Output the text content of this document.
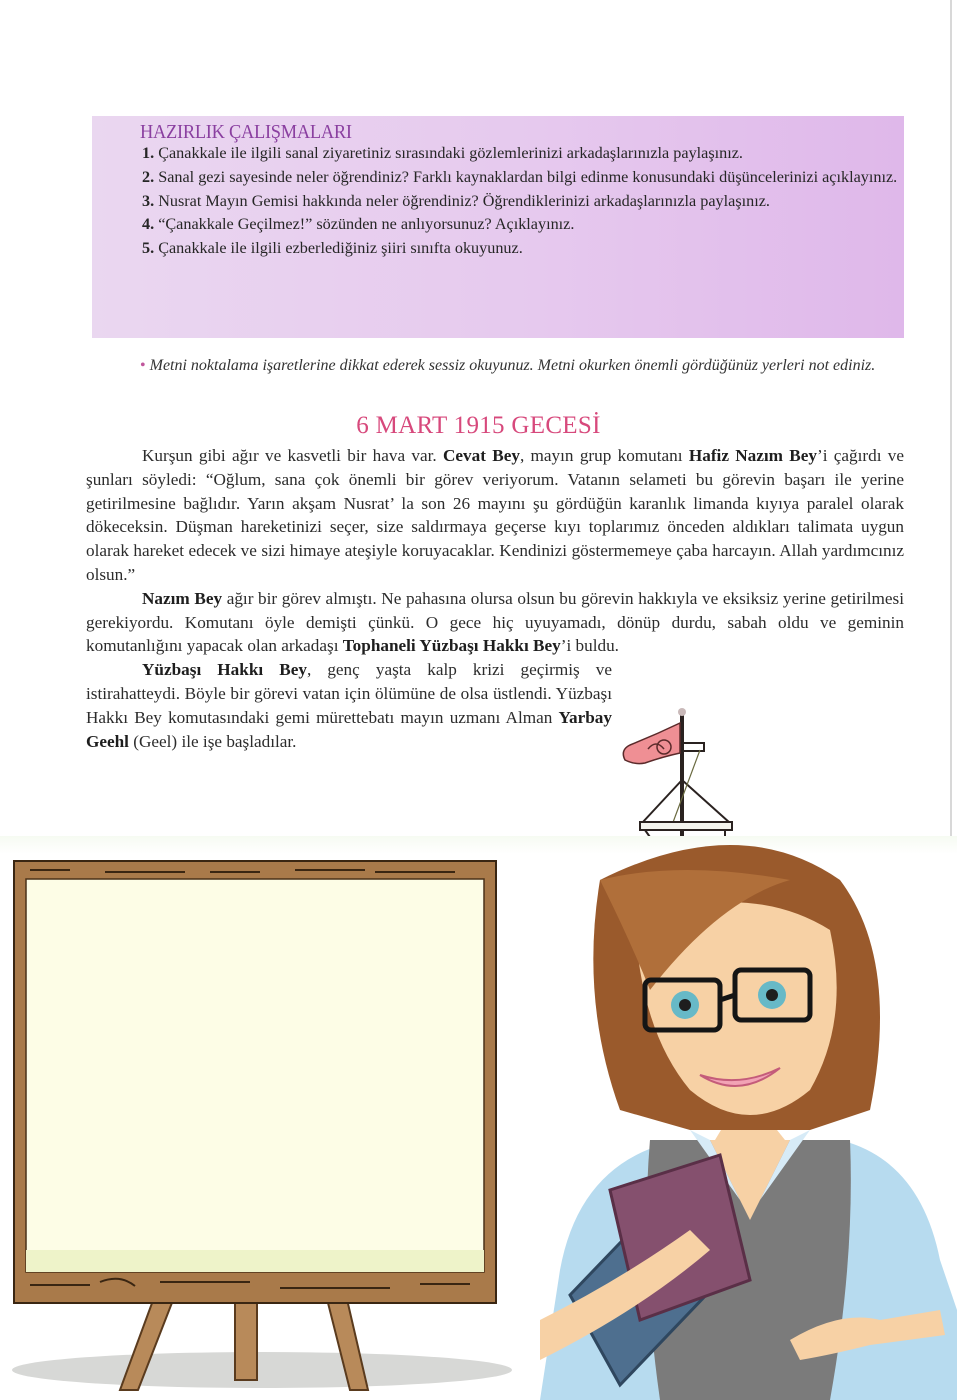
HAZIRLIK ÇALIŞMALARI

1. Çanakkale ile ilgili sanal ziyaretiniz sırasındaki gözlemlerinizi arkadaşlarınızla paylaşınız.

2. Sanal gezi sayesinde neler öğrendiniz? Farklı kaynaklardan bilgi edinme konusundaki düşüncelerinizi açıklayınız.

3. Nusrat Mayın Gemisi hakkında neler öğrendiniz? Öğrendiklerinizi arkadaşlarınızla paylaşınız.

4. “Çanakkale Geçilmez!” sözünden ne anlıyorsunuz? Açıklayınız.

5. Çanakkale ile ilgili ezberlediğiniz şiiri sınıfta okuyunuz.

• Metni noktalama işaretlerine dikkat ederek sessiz okuyunuz. Metni okurken önemli gördüğünüz yerleri not ediniz.
6 MART 1915 GECESİ

Kurşun gibi ağır ve kasvetli bir hava var. Cevat Bey, mayın grup komutanı Hafiz Nazım Bey’i çağırdı ve şunları söyledi: “Oğlum, sana çok önemli bir görev veriyorum. Vatanın selameti bu görevin başarı ile yerine getirilmesine bağlıdır. Yarın akşam Nusrat’ la son 26 mayını şu gördüğün karanlık limanda kıyıya paralel olarak dökeceksin. Düşman hareketinizi seçer, size saldırmaya geçerse kıyı toplarımız önceden aldıkları talimata uygun olarak hareket edecek ve sizi himaye ateşiyle koruyacaklar. Kendinizi göstermemeye çaba harcayın. Allah yardımcınız olsun.”

Nazım Bey ağır bir görev almıştı. Ne pahasına olursa olsun bu görevin hakkıyla ve eksiksiz yerine getirilmesi gerekiyordu. Komutanı öyle demişti çünkü. O gece hiç uyuyamadı, dönüp durdu, sabah oldu ve geminin komutanlığını yapacak olan arkadaşı Tophaneli Yüzbaşı Hakkı Bey’i buldu.

Yüzbaşı Hakkı Bey, genç yaşta kalp krizi geçirmiş ve istirahatteydi. Böyle bir görevi vatan için ölümüne de olsa üstlendi. Yüzbaşı Hakkı Bey komutasındaki gemi mürettebatı mayın uzmanı Alman Yarbay Geehl (Geel) ile işe başladılar.
